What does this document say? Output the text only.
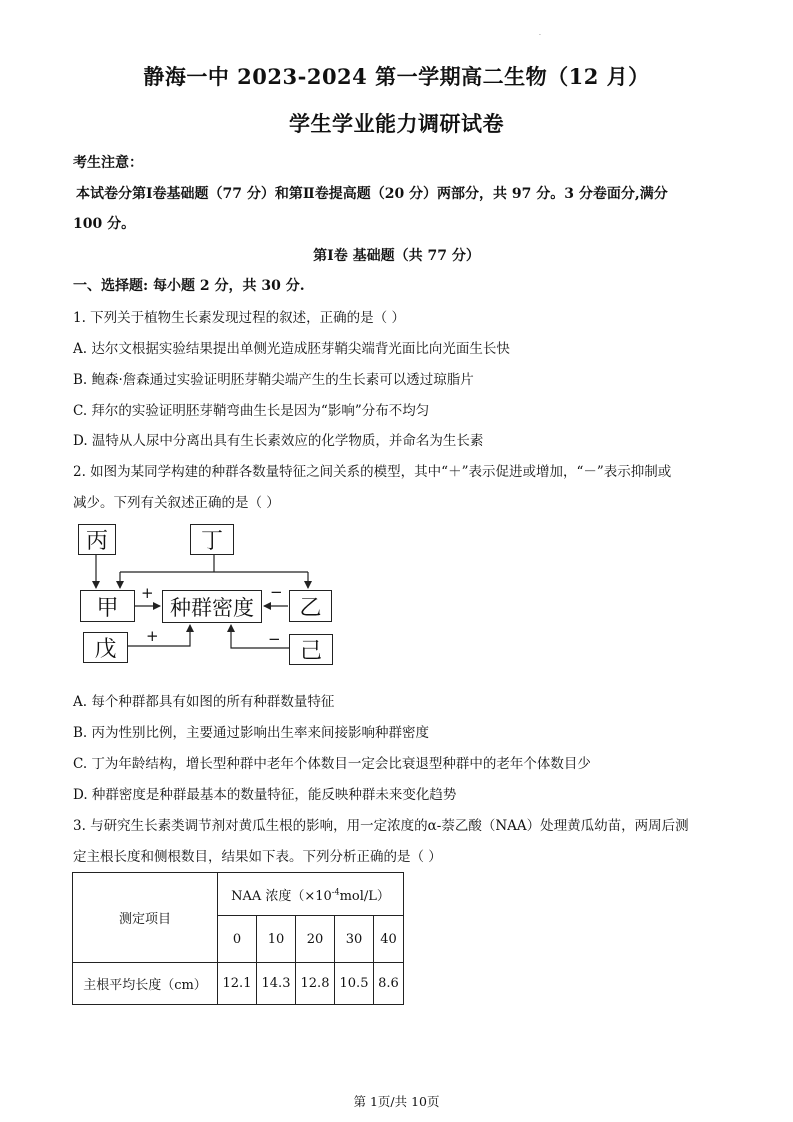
.
静海一中 2023-2024 第一学期高二生物（12 月）
学生学业能力调研试卷
考生注意：
本试卷分第Ⅰ卷基础题（77 分）和第Ⅱ卷提高题（20 分）两部分，共 97 分。3 分卷面分,满分
100 分。
第Ⅰ卷 基础题（共 77 分）
一、选择题: 每小题 2 分，共 30 分.
1. 下列关于植物生长素发现过程的叙述，正确的是（ ）
A. 达尔文根据实验结果提出单侧光造成胚芽鞘尖端背光面比向光面生长快
B. 鲍森·詹森通过实验证明胚芽鞘尖端产生的生长素可以透过琼脂片
C. 拜尔的实验证明胚芽鞘弯曲生长是因为“影响”分布不均匀
D. 温特从人尿中分离出具有生长素效应的化学物质，并命名为生长素
2. 如图为某同学构建的种群各数量特征之间关系的模型，其中“＋”表示促进或增加，“－”表示抑制或
减少。下列有关叙述正确的是（ ）
丙	丁
甲	种群密度	乙
戊	己
+	−
+	−
A. 每个种群都具有如图的所有种群数量特征
B. 丙为性别比例，主要通过影响出生率来间接影响种群密度
C. 丁为年龄结构，增长型种群中老年个体数目一定会比衰退型种群中的老年个体数目少
D. 种群密度是种群最基本的数量特征，能反映种群未来变化趋势
3. 与研究生长素类调节剂对黄瓜生根的影响，用一定浓度的α-萘乙酸（NAA）处理黄瓜幼苗，两周后测
定主根长度和侧根数目，结果如下表。下列分析正确的是（ ）
测定项目	NAA 浓度$(\times 10^{-4}mol/L)$				
	0	10	20	30	40
主根平均长度（cm）	12.1	14.3	12.8	10.5	8.6
第 1页/共 10页
